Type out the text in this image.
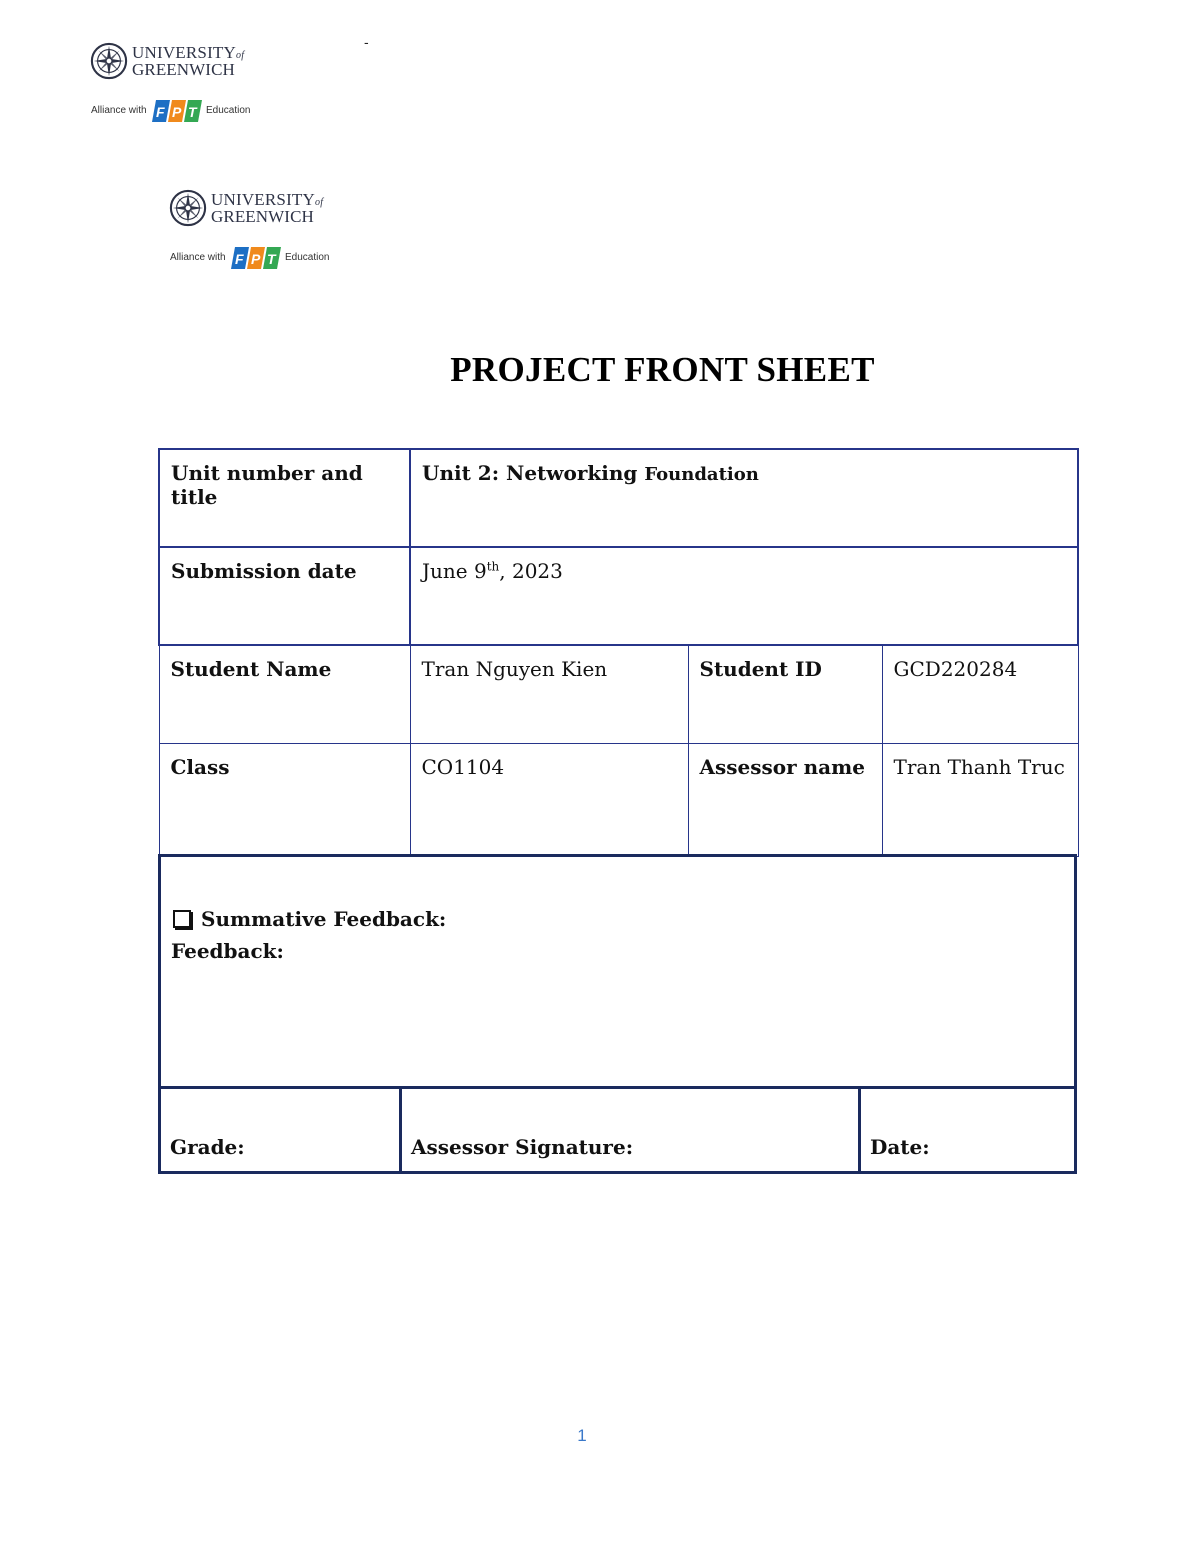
UNIVERSITYof
GREENWICH
Alliance with F P T Education
-
UNIVERSITYof
GREENWICH
Alliance with F P T Education
PROJECT FRONT SHEET
Unit number and title	Unit 2: Networking Foundation		
Submission date	June 9th, 2023		
Student Name	Tran Nguyen Kien	Student ID	GCD220284
Class	CO1104	Assessor name	Tran Thanh Truc
Summative Feedback:
Feedback:
Grade:	Assessor Signature:	Date:
1
